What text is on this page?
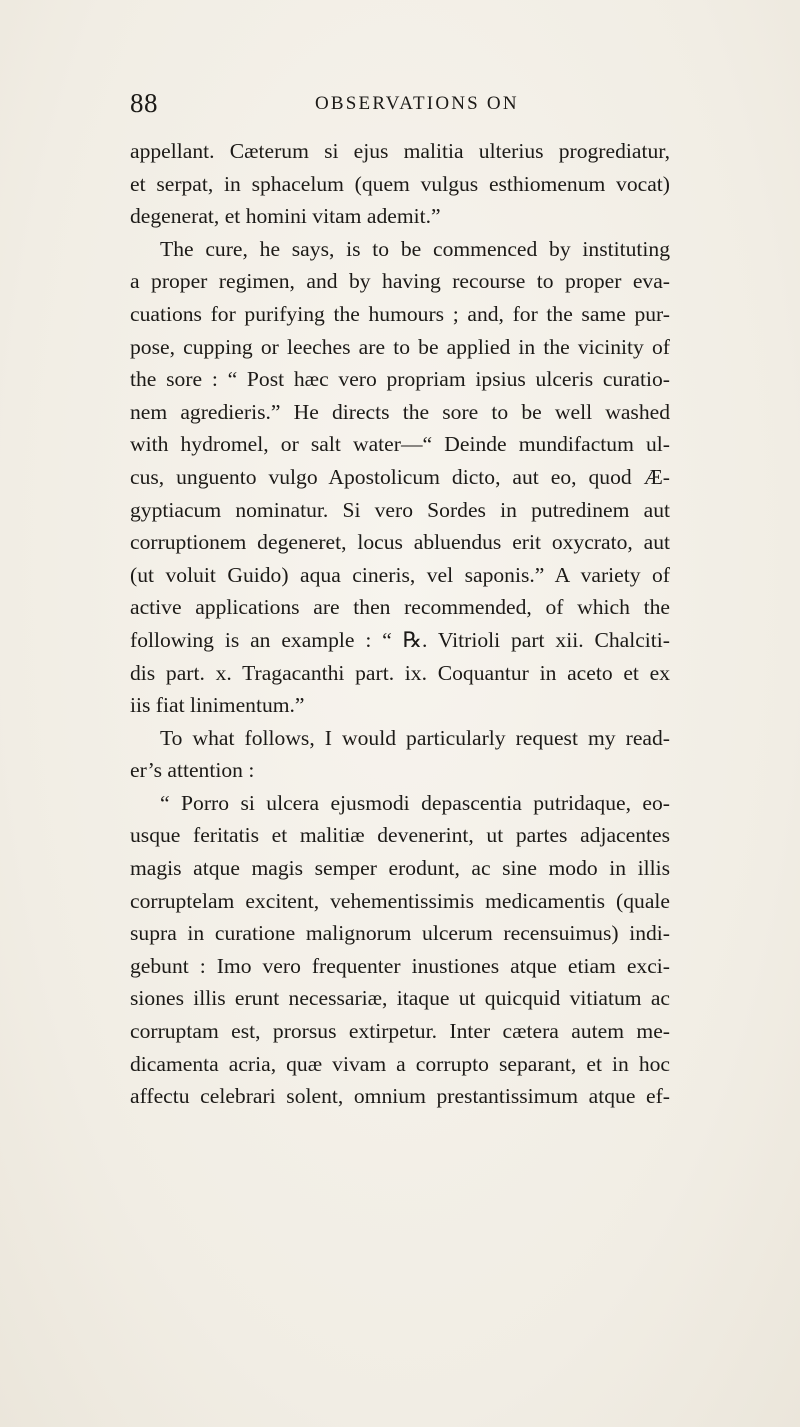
88	OBSERVATIONS ON
appellant. Cæterum si ejus malitia ulterius progrediatur,
et serpat, in sphacelum (quem vulgus esthiomenum vocat)
degenerat, et homini vitam ademit.”
The cure, he says, is to be commenced by instituting
a proper regimen, and by having recourse to proper eva-
cuations for purifying the humours ; and, for the same pur-
pose, cupping or leeches are to be applied in the vicinity of
the sore : “ Post hæc vero propriam ipsius ulceris curatio-
nem agredieris.” He directs the sore to be well washed
with hydromel, or salt water—“ Deinde mundifactum ul-
cus, unguento vulgo Apostolicum dicto, aut eo, quod Æ-
gyptiacum nominatur. Si vero Sordes in putredinem aut
corruptionem degeneret, locus abluendus erit oxycrato, aut
(ut voluit Guido) aqua cineris, vel saponis.” A variety of
active applications are then recommended, of which the
following is an example : “ ℞. Vitrioli part xii. Chalciti-
dis part. x. Tragacanthi part. ix. Coquantur in aceto et ex
iis fiat linimentum.”
To what follows, I would particularly request my read-
er’s attention :
“ Porro si ulcera ejusmodi depascentia putridaque, eo-
usque feritatis et malitiæ devenerint, ut partes adjacentes
magis atque magis semper erodunt, ac sine modo in illis
corruptelam excitent, vehementissimis medicamentis (quale
supra in curatione malignorum ulcerum recensuimus) indi-
gebunt : Imo vero frequenter inustiones atque etiam exci-
siones illis erunt necessariæ, itaque ut quicquid vitiatum ac
corruptam est, prorsus extirpetur. Inter cætera autem me-
dicamenta acria, quæ vivam a corrupto separant, et in hoc
affectu celebrari solent, omnium prestantissimum atque ef-
